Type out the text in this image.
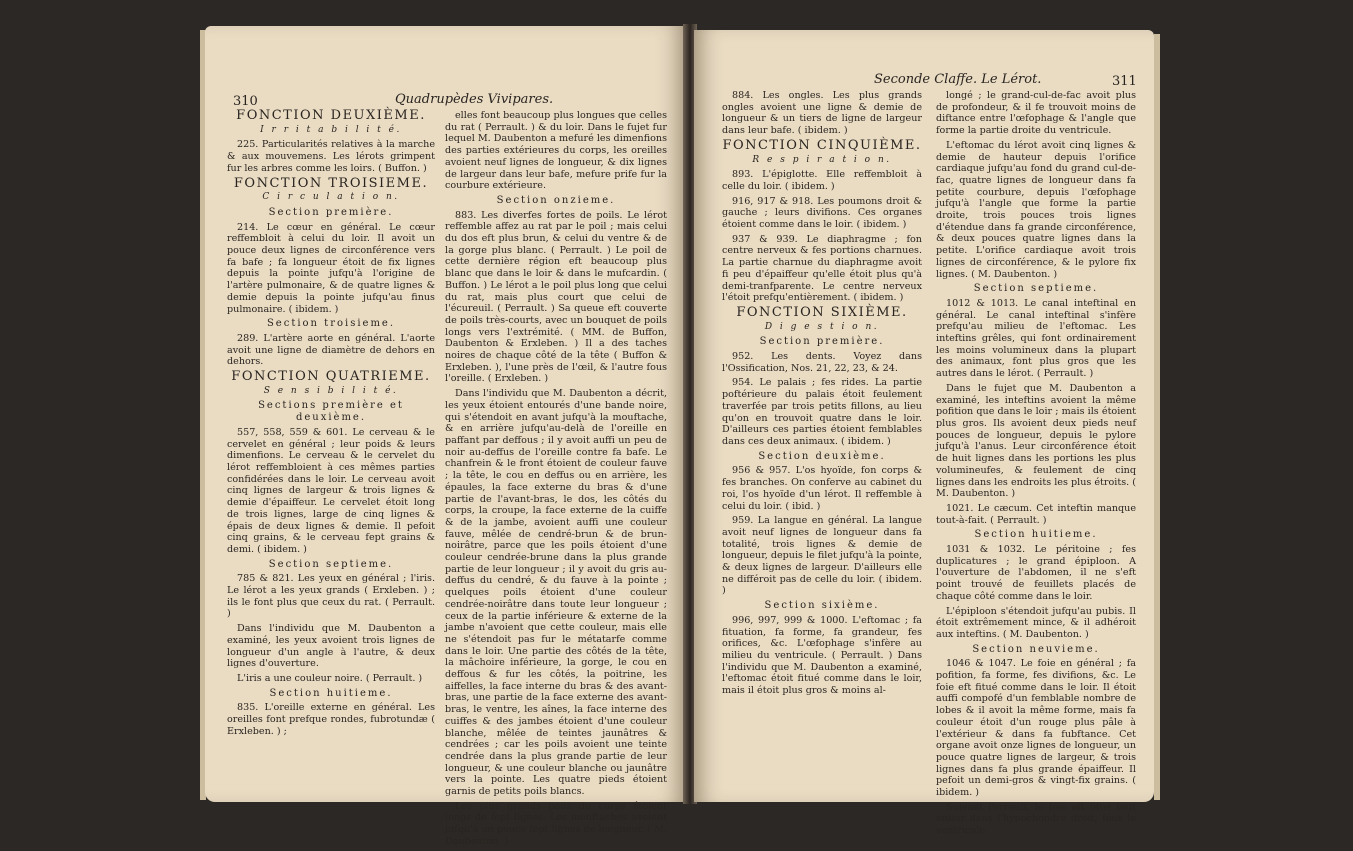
310	Quadrupèdes Vivipares.

FONCTION DEUXIÈME.

I r r i t a b i l i t é.

225. Particularités relatives à la marche & aux mouvemens. Les lérots grimpent fur les arbres comme les loirs. ( Buffon. )

FONCTION TROISIEME.

C i r c u l a t i o n.

Section première.

214. Le cœur en général. Le cœur reffembloit à celui du loir. Il avoit un pouce deux lignes de circonférence vers fa bafe ; fa longueur étoit de fix lignes depuis la pointe jufqu'à l'origine de l'artère pulmonaire, & de quatre lignes & demie depuis la pointe jufqu'au finus pulmonaire. ( ibidem. )

Section troisieme.

289. L'artère aorte en général. L'aorte avoit une ligne de diamètre de dehors en dehors.

FONCTION QUATRIEME.

S e n s i b i l i t é.

Sections première et deuxième.

557, 558, 559 & 601. Le cerveau & le cervelet en général ; leur poids & leurs dimenfions. Le cerveau & le cervelet du lérot reffembloient à ces mêmes parties confidérées dans le loir. Le cerveau avoit cinq lignes de largeur & trois lignes & demie d'épaiffeur. Le cervelet étoit long de trois lignes, large de cinq lignes & épais de deux lignes & demie. Il pefoit cinq grains, & le cerveau fept grains & demi. ( ibidem. )

Section septieme.

785 & 821. Les yeux en général ; l'iris. Le lérot a les yeux grands ( Erxleben. ) ; ils le font plus que ceux du rat. ( Perrault. )

Dans l'individu que M. Daubenton a examiné, les yeux avoient trois lignes de longueur d'un angle à l'autre, & deux lignes d'ouverture.

L'iris a une couleur noire. ( Perrault. )

Section huitieme.

835. L'oreille externe en général. Les oreilles font prefque rondes, fubrotundæ ( Erxleben. ) ;

elles font beaucoup plus longues que celles du rat ( Perrault. ) & du loir. Dans le fujet fur lequel M. Daubenton a mefuré les dimenfions des parties extérieures du corps, les oreilles avoient neuf lignes de longueur, & dix lignes de largeur dans leur bafe, mefure prife fur la courbure extérieure.

Section onzieme.

883. Les diverfes fortes de poils. Le lérot reffemble affez au rat par le poil ; mais celui du dos eft plus brun, & celui du ventre & de la gorge plus blanc. ( Perrault. ) Le poil de cette dernière région eft beaucoup plus blanc que dans le loir & dans le mufcardin. ( Buffon. ) Le lérot a le poil plus long que celui du rat, mais plus court que celui de l'écureuil. ( Perrault. ) Sa queue eft couverte de poils très-courts, avec un bouquet de poils longs vers l'extrémité. ( MM. de Buffon, Daubenton & Erxleben. ) Il a des taches noires de chaque côté de la tête ( Buffon & Erxleben. ), l'une près de l'œil, & l'autre fous l'oreille. ( Erxleben. )

Dans l'individu que M. Daubenton a décrit, les yeux étoient entourés d'une bande noire, qui s'étendoit en avant jufqu'à la mouftache, & en arrière jufqu'au-delà de l'oreille en paffant par deffous ; il y avoit auffi un peu de noir au-deffus de l'oreille contre fa bafe. Le chanfrein & le front étoient de couleur fauve ; la tête, le cou en deffus ou en arrière, les épaules, la face externe du bras & d'une partie de l'avant-bras, le dos, les côtés du corps, la croupe, la face externe de la cuiffe & de la jambe, avoient auffi une couleur fauve, mêlée de cendré-brun & de brun-noirâtre, parce que les poils étoient d'une couleur cendrée-brune dans la plus grande partie de leur longueur ; il y avoit du gris au-deffus du cendré, & du fauve à la pointe ; quelques poils étoient d'une couleur cendrée-noirâtre dans toute leur longueur ; ceux de la partie inférieure & externe de la jambe n'avoient que cette couleur, mais elle ne s'étendoit pas fur le métatarfe comme dans le loir. Une partie des côtés de la tête, la mâchoire inférieure, la gorge, le cou en deffous & fur les côtés, la poitrine, les aiffelles, la face interne du bras & des avant-bras, une partie de la face externe des avant-bras, le ventre, les aînes, la face interne des cuiffes & des jambes étoient d'une couleur blanche, mêlée de teintes jaunâtres & cendrées ; car les poils avoient une teinte cendrée dans la plus grande partie de leur longueur, & une couleur blanche ou jaunâtre vers la pointe. Les quatre pieds étoient garnis de petits poils blancs.

Les plus grands poils du corps étoient longs de fept lignes. Les mouftaches avoient jufqu'à un pouce fept lignes de longueur. ( M. Daubenton. )

Seconde Claffe. Le Lérot.	311

884. Les ongles. Les plus grands ongles avoient une ligne & demie de longueur & un tiers de ligne de largeur dans leur bafe. ( ibidem. )

FONCTION CINQUIÈME.

R e s p i r a t i o n.

893. L'épiglotte. Elle reffembloit à celle du loir. ( ibidem. )

916, 917 & 918. Les poumons droit & gauche ; leurs divifions. Ces organes étoient comme dans le loir. ( ibidem. )

937 & 939. Le diaphragme ; fon centre nerveux & fes portions charnues. La partie charnue du diaphragme avoit fi peu d'épaiffeur qu'elle étoit plus qu'à demi-tranfparente. Le centre nerveux l'étoit prefqu'entièrement. ( ibidem. )

FONCTION SIXIÈME.

D i g e s t i o n.

Section première.

952. Les dents. Voyez dans l'Ossification, Nos. 21, 22, 23, & 24.

954. Le palais ; fes rides. La partie poftérieure du palais étoit feulement traverfée par trois petits fillons, au lieu qu'on en trouvoit quatre dans le loir. D'ailleurs ces parties étoient femblables dans ces deux animaux. ( ibidem. )

Section deuxième.

956 & 957. L'os hyoïde, fon corps & fes branches. On conferve au cabinet du roi, l'os hyoïde d'un lérot. Il reffemble à celui du loir. ( ibid. )

959. La langue en général. La langue avoit neuf lignes de longueur dans fa totalité, trois lignes & demie de longueur, depuis le filet jufqu'à la pointe, & deux lignes de largeur. D'ailleurs elle ne différoit pas de celle du loir. ( ibidem. )

Section sixième.

996, 997, 999 & 1000. L'eftomac ; fa fituation, fa forme, fa grandeur, fes orifices, &c. L'œfophage s'infère au milieu du ventricule. ( Perrault. ) Dans l'individu que M. Daubenton a examiné, l'eftomac étoit fitué comme dans le loir, mais il étoit plus gros & moins al-

longé ; le grand-cul-de-fac avoit plus de profondeur, & il fe trouvoit moins de diftance entre l'œfophage & l'angle que forme la partie droite du ventricule.

L'eftomac du lérot avoit cinq lignes & demie de hauteur depuis l'orifice cardiaque jufqu'au fond du grand cul-de-fac, quatre lignes de longueur dans fa petite courbure, depuis l'œfophage jufqu'à l'angle que forme la partie droite, trois pouces trois lignes d'étendue dans fa grande circonférence, & deux pouces quatre lignes dans la petite. L'orifice cardiaque avoit trois lignes de circonférence, & le pylore fix lignes. ( M. Daubenton. )

Section septieme.

1012 & 1013. Le canal inteftinal en général. Le canal inteftinal s'infère prefqu'au milieu de l'eftomac. Les inteftins grêles, qui font ordinairement les moins volumineux dans la plupart des animaux, font plus gros que les autres dans le lérot. ( Perrault. )

Dans le fujet que M. Daubenton a examiné, les inteftins avoient la même pofition que dans le loir ; mais ils étoient plus gros. Ils avoient deux pieds neuf pouces de longueur, depuis le pylore jufqu'à l'anus. Leur circonférence étoit de huit lignes dans les portions les plus volumineufes, & feulement de cinq lignes dans les endroits les plus étroits. ( M. Daubenton. )

1021. Le cæcum. Cet inteftin manque tout-à-fait. ( Perrault. )

Section huitieme.

1031 & 1032. Le péritoine ; fes duplicatures ; le grand épiploon. A l'ouverture de l'abdomen, il ne s'eft point trouvé de feuillets placés de chaque côté comme dans le loir.

L'épiploon s'étendoit jufqu'au pubis. Il étoit extrêmement mince, & il adhéroit aux inteftins. ( M. Daubenton. )

Section neuvieme.

1046 & 1047. Le foie en général ; fa pofition, fa forme, fes divifions, &c. Le foie eft fitué comme dans le loir. Il étoit auffi compofé d'un femblable nombre de lobes & il avoit la même forme, mais fa couleur étoit d'un rouge plus pâle à l'extérieur & dans fa fubftance. Cet organe avoit onze lignes de longueur, un pouce quatre lignes de largeur, & trois lignes dans fa plus grande épaiffeur. Il pefoit un demi-gros & vingt-fix grains. ( ibidem. )

Suivant Perrault, le foie eft fitué tout entier dans l'hypochondre droit, fous le ventricule.
